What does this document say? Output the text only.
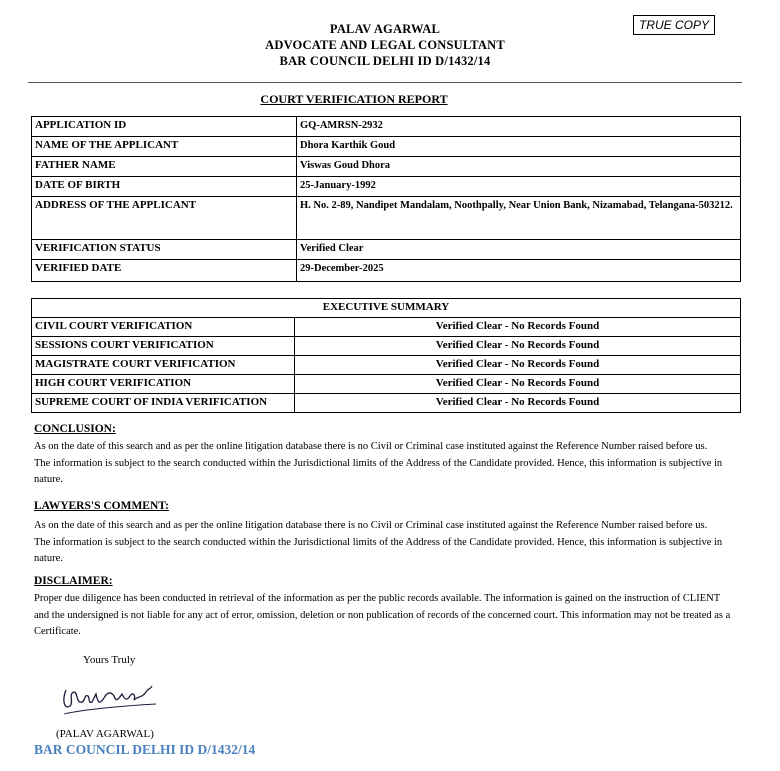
PALAV AGARWAL
ADVOCATE AND LEGAL CONSULTANT
BAR COUNCIL DELHI ID D/1432/14
TRUE COPY
COURT VERIFICATION REPORT
APPLICATION ID	GQ-AMRSN-2932
NAME OF THE APPLICANT	Dhora Karthik Goud
FATHER NAME	Viswas Goud Dhora
DATE OF BIRTH	25-January-1992
ADDRESS OF THE APPLICANT	H. No. 2-89, Nandipet Mandalam, Noothpally, Near Union Bank, Nizamabad, Telangana-503212.
VERIFICATION STATUS	Verified Clear
VERIFIED DATE	29-December-2025
EXECUTIVE SUMMARY	
CIVIL COURT VERIFICATION	Verified Clear - No Records Found
SESSIONS COURT VERIFICATION	Verified Clear - No Records Found
MAGISTRATE COURT VERIFICATION	Verified Clear - No Records Found
HIGH COURT VERIFICATION	Verified Clear - No Records Found
SUPREME COURT OF INDIA VERIFICATION	Verified Clear - No Records Found
CONCLUSION:
As on the date of this search and as per the online litigation database there is no Civil or Criminal case instituted against the Reference Number raised before us. The information is subject to the search conducted within the Jurisdictional limits of the Address of the Candidate provided. Hence, this information is subjective in nature.
LAWYERS'S COMMENT:
As on the date of this search and as per the online litigation database there is no Civil or Criminal case instituted against the Reference Number raised before us. The information is subject to the search conducted within the Jurisdictional limits of the Address of the Candidate provided. Hence, this information is subjective in nature.
DISCLAIMER:
Proper due diligence has been conducted in retrieval of the information as per the public records available. The information is gained on the instruction of CLIENT and the undersigned is not liable for any act of error, omission, deletion or non publication of records of the concerned court. This information may not be treated as a Certificate.
Yours Truly
(PALAV AGARWAL)
BAR COUNCIL DELHI ID D/1432/14
